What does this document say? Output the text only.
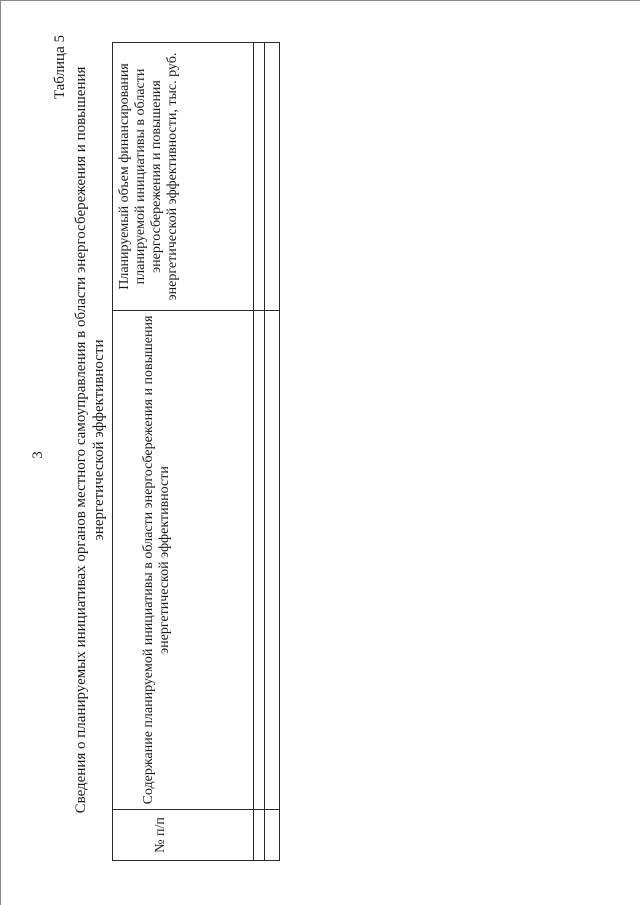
3
Таблица 5 Сведения о планируемых инициативах органов местного самоуправления в области энергосбережения и повышения энергетической эффективности
№ п/п	Содержание планируемой инициативы в области энергосбережения и повышения энергетической эффективности	Планируемый объем финансирования планируемой инициативы в области энергосбережения и повышения энергетической эффективности, тыс. руб.
